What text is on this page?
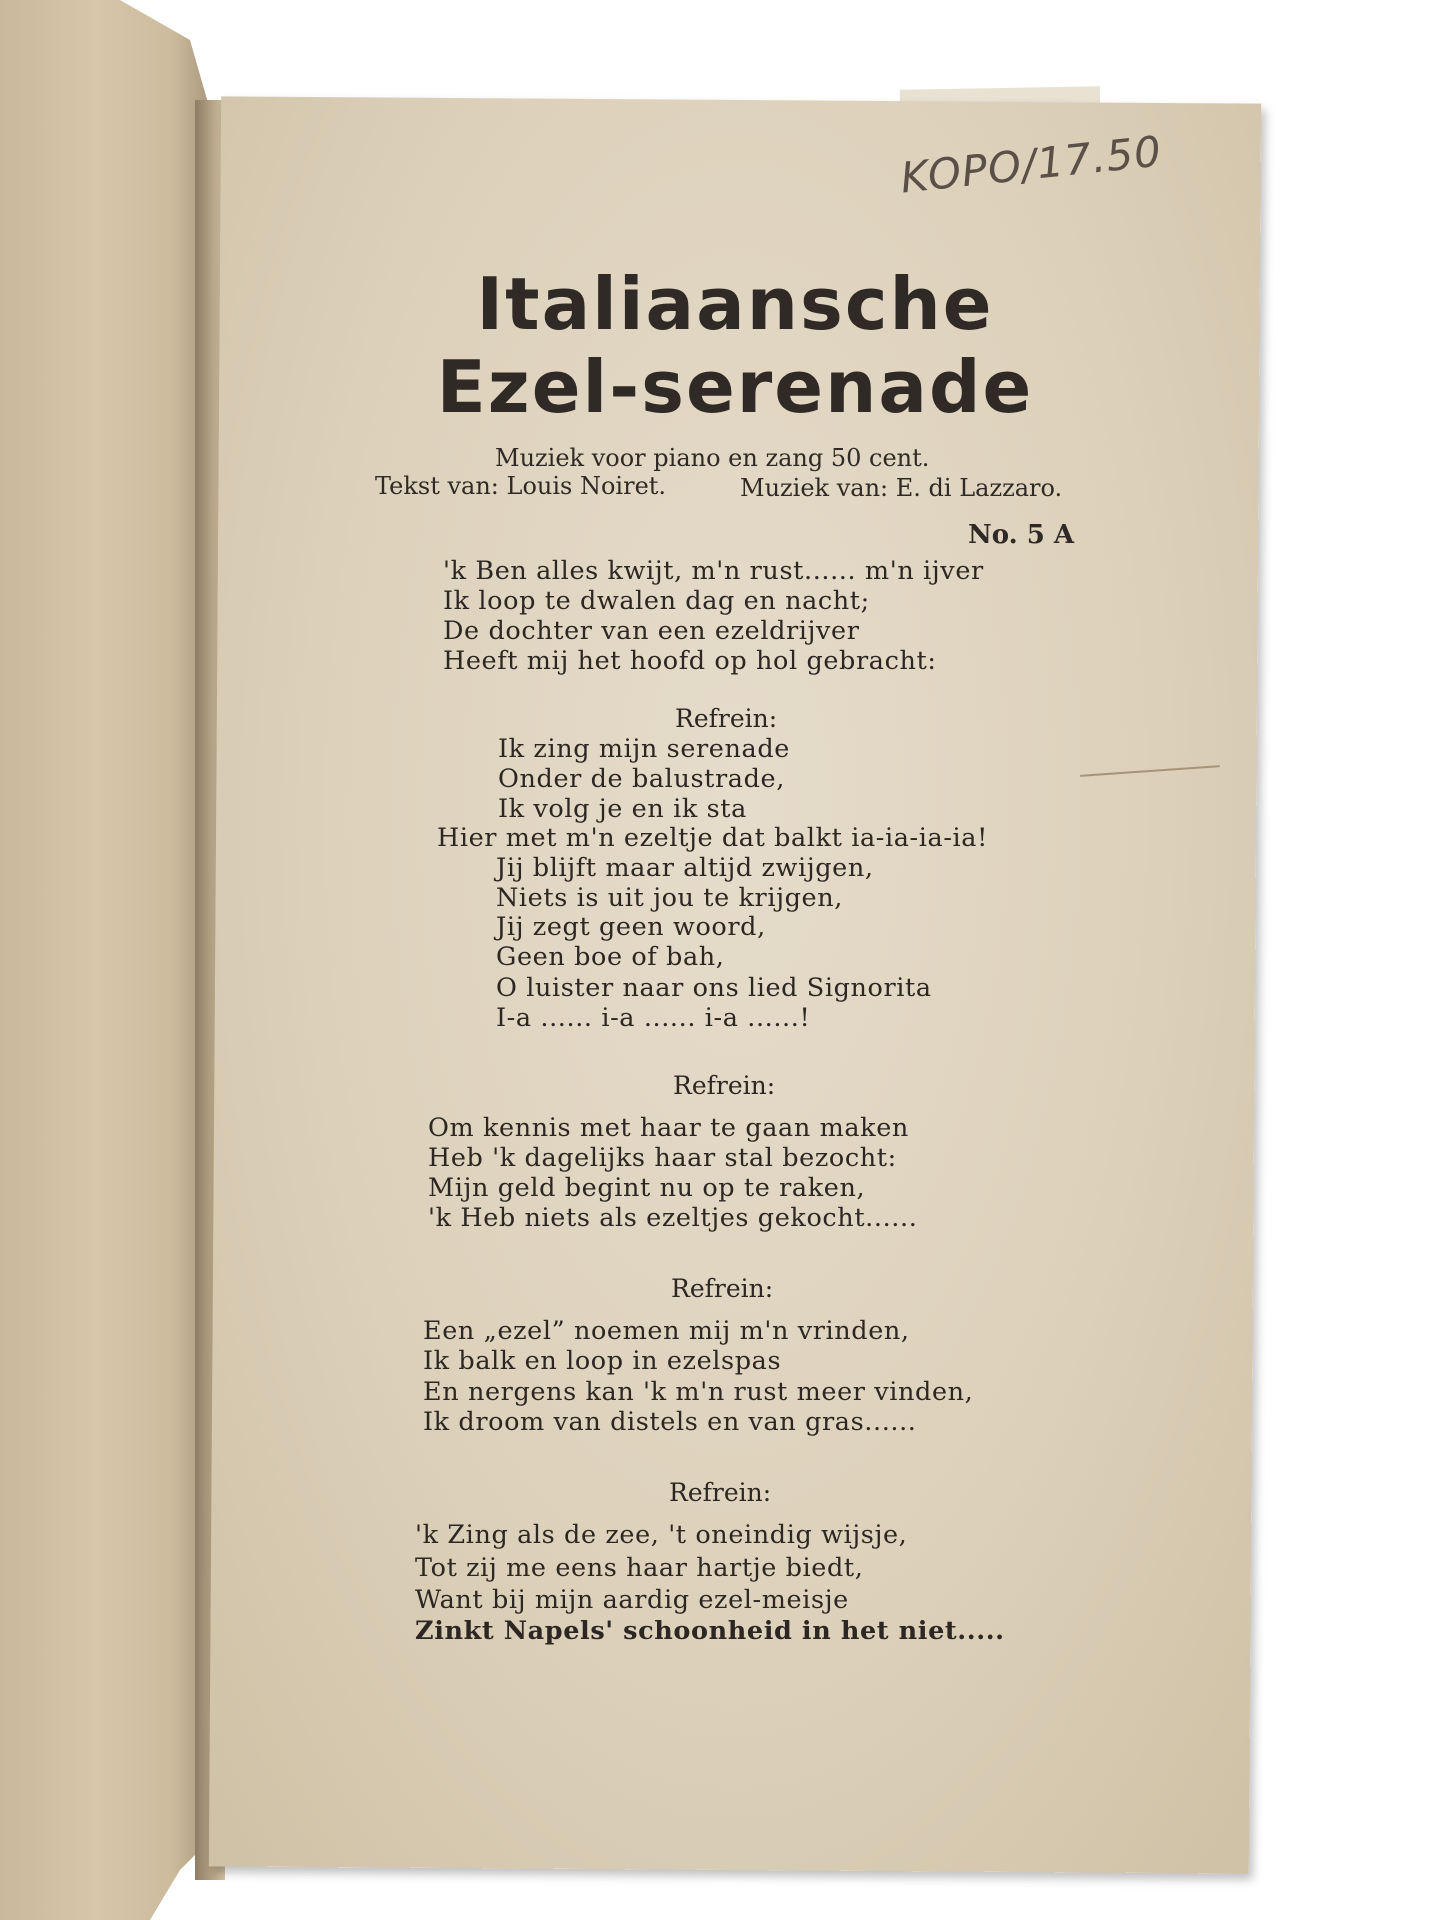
KOPO/17.50
Italiaansche
Ezel-serenade
Muziek voor piano en zang 50 cent.
Tekst van: Louis Noiret.	Muziek van: E. di Lazzaro.
No. 5 A
'k Ben alles kwijt, m'n rust...... m'n ijver
Ik loop te dwalen dag en nacht;
De dochter van een ezeldrijver
Heeft mij het hoofd op hol gebracht:
Refrein:
Ik zing mijn serenade
Onder de balustrade,
Ik volg je en ik sta
Hier met m'n ezeltje dat balkt ia-ia-ia-ia!
Jij blijft maar altijd zwijgen,
Niets is uit jou te krijgen,
Jij zegt geen woord,
Geen boe of bah,
O luister naar ons lied Signorita
I-a ...... i-a ...... i-a ......!
Refrein:
Om kennis met haar te gaan maken
Heb 'k dagelijks haar stal bezocht:
Mijn geld begint nu op te raken,
'k Heb niets als ezeltjes gekocht......
Refrein:
Een „ezel” noemen mij m'n vrinden,
Ik balk en loop in ezelspas
En nergens kan 'k m'n rust meer vinden,
Ik droom van distels en van gras......
Refrein:
'k Zing als de zee, 't oneindig wijsje,
Tot zij me eens haar hartje biedt,
Want bij mijn aardig ezel-meisje
Zinkt Napels' schoonheid in het niet.....
